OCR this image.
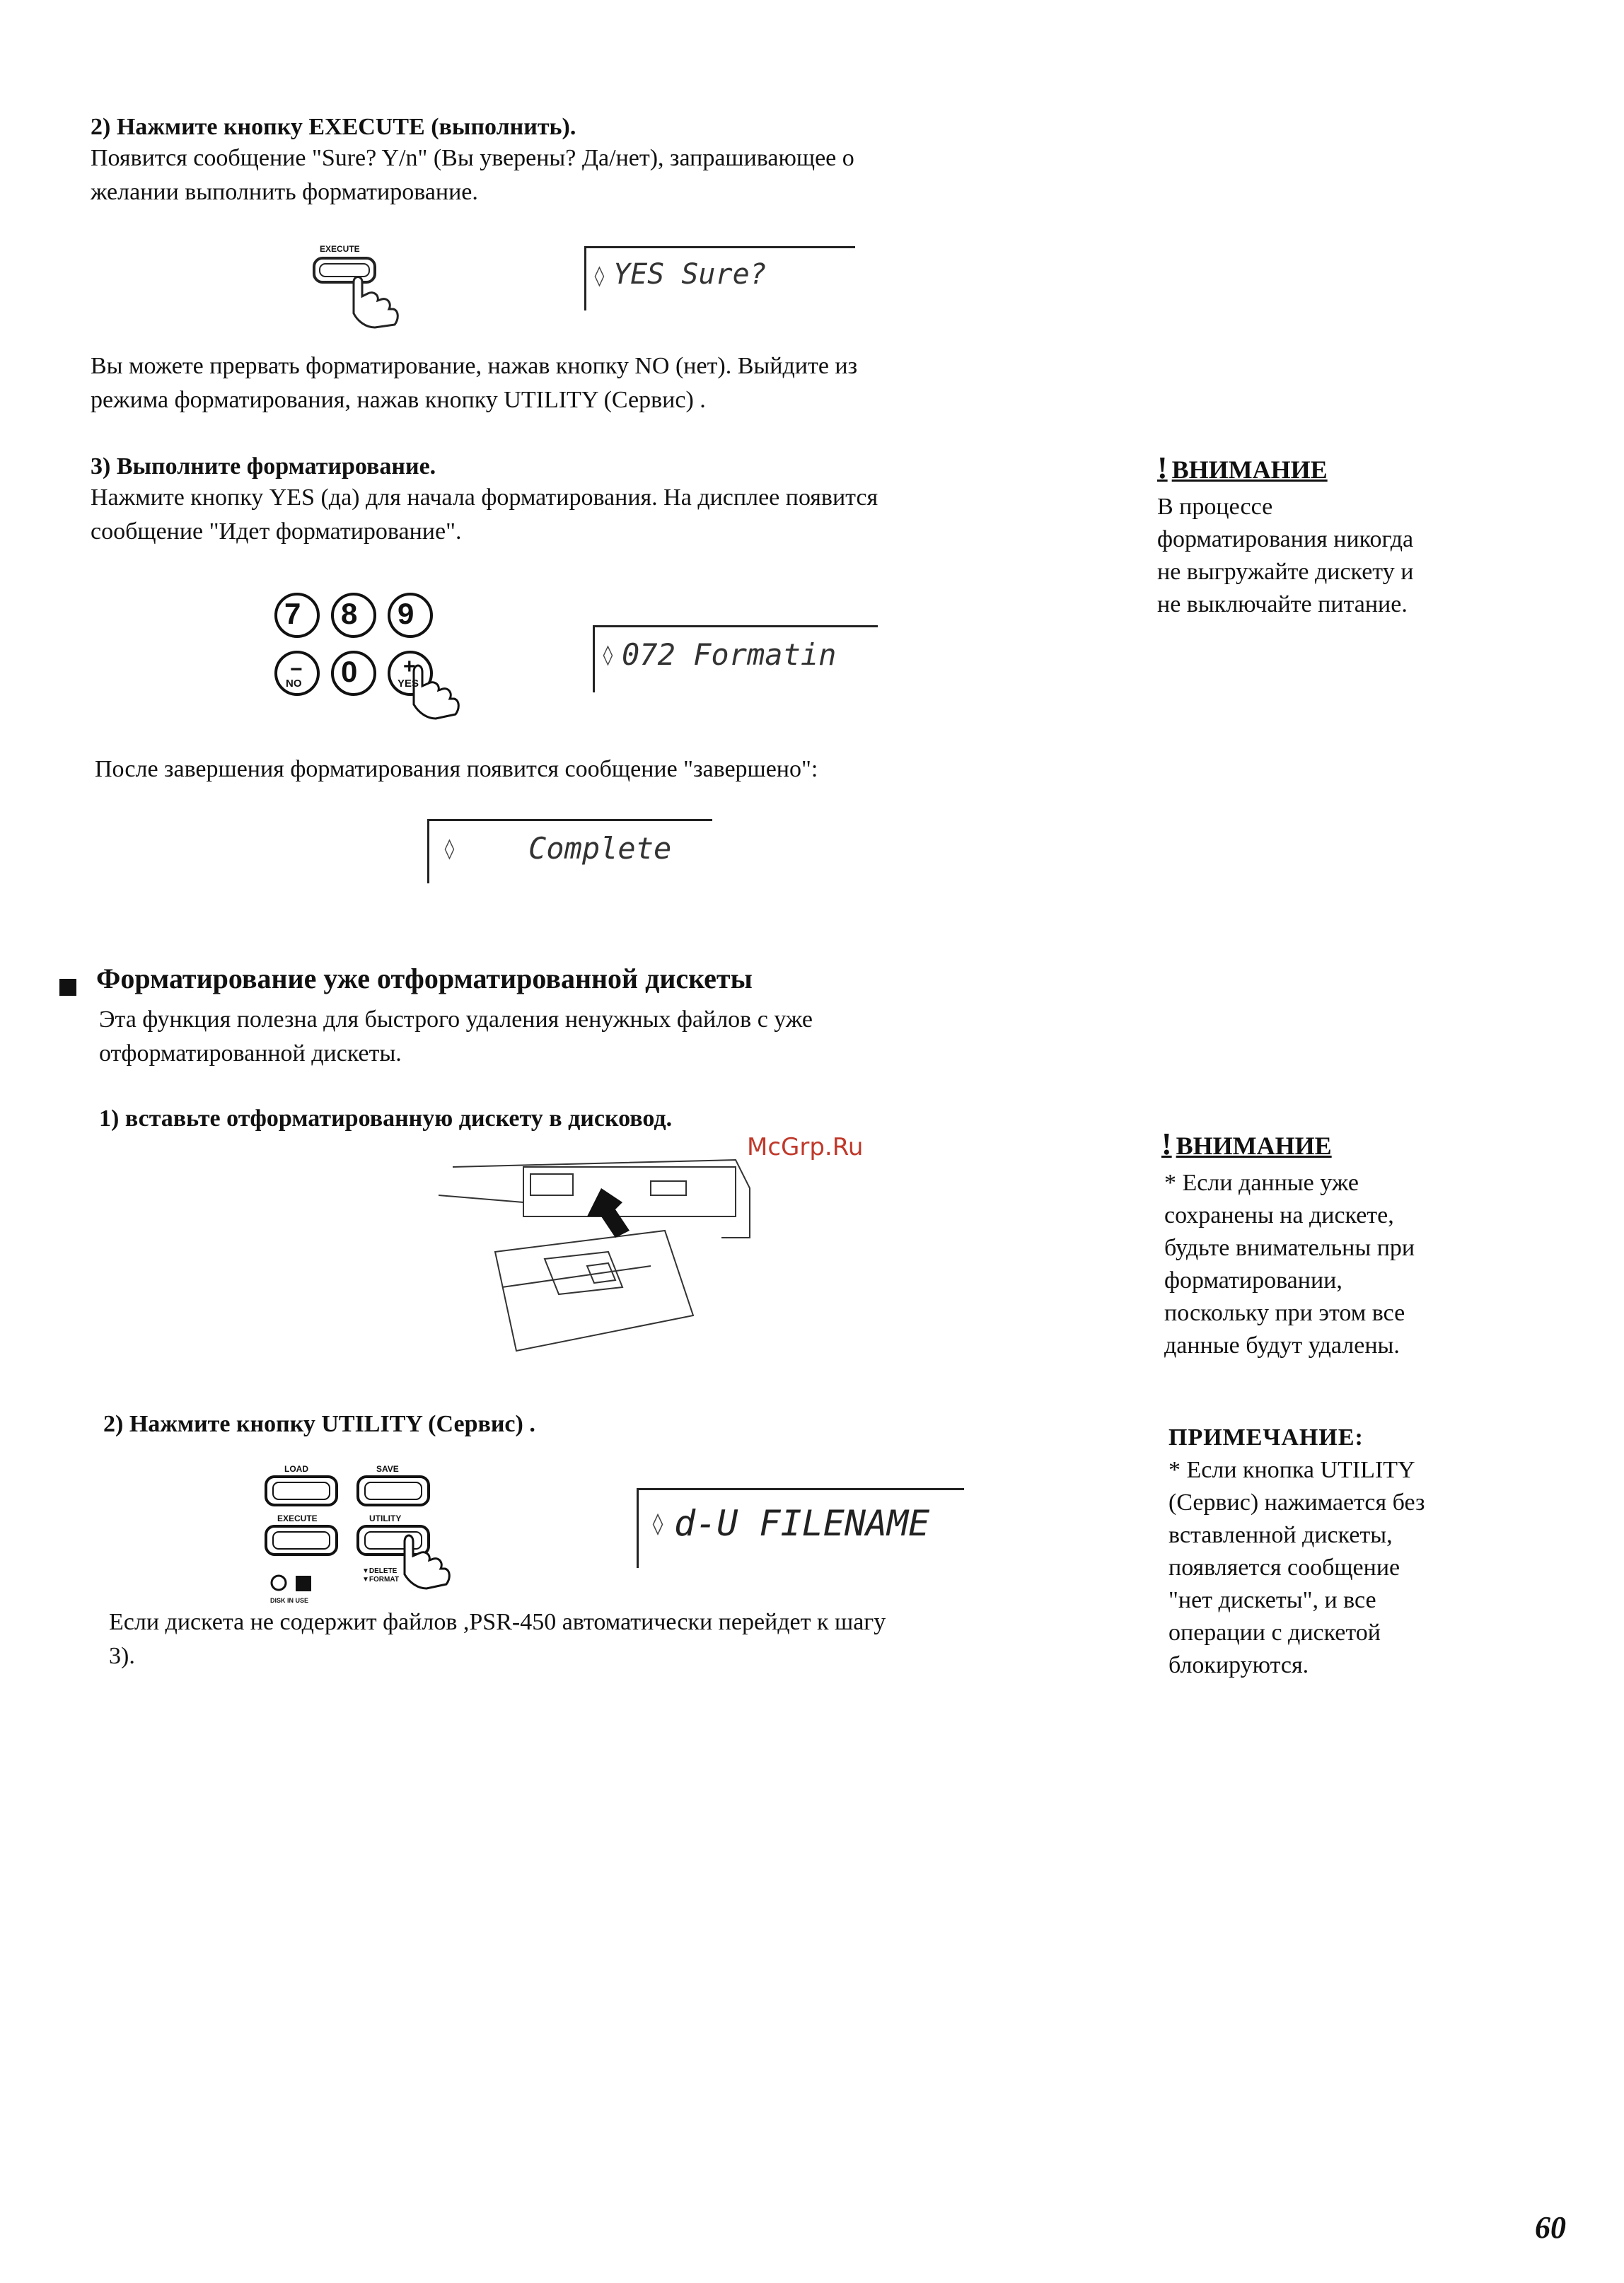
2) Нажмите кнопку EXECUTE (выполнить).
Появится сообщение "Sure? Y/n" (Вы уверены? Да/нет), запрашивающее о
желании выполнить форматирование.
EXECUTE
◊ YES Sure?
Вы можете прервать форматирование, нажав кнопку NO (нет). Выйдите из
режима форматирования, нажав кнопку UTILITY (Сервис) .
3) Выполните форматирование.
Нажмите кнопку YES (да) для начала форматирования. На дисплее появится
сообщение "Идет форматирование".
7 8 9
0
−
NO
+
YES
◊ 072 Formatin
! ВНИМАНИЕ
В процессе
форматирования никогда
не выгружайте дискету и
не выключайте питание.
После завершения форматирования появится сообщение "завершено":
◊ Complete
Форматирование уже отформатированной дискеты
Эта функция полезна для быстрого удаления ненужных файлов с уже
отформатированной дискеты.
1) вставьте отформатированную дискету в дисковод.
McGrp.Ru	! ВНИМАНИЕ
* Если данные уже
сохранены на дискете,
будьте внимательны при
форматировании,
поскольку при этом все
данные будут удалены.
2) Нажмите кнопку UTILITY (Сервис) .
LOAD	SAVE
EXECUTE	UTILITY
▼DELETE
▼FORMAT
DISK IN USE
◊ d-U FILENAME
Если дискета не содержит файлов ,PSR-450 автоматически перейдет к шагу
3).
ПРИМЕЧАНИЕ:
* Если кнопка UTILITY
(Сервис) нажимается без
вставленной дискеты,
появляется сообщение
"нет дискеты", и все
операции с дискетой
блокируются.
60
